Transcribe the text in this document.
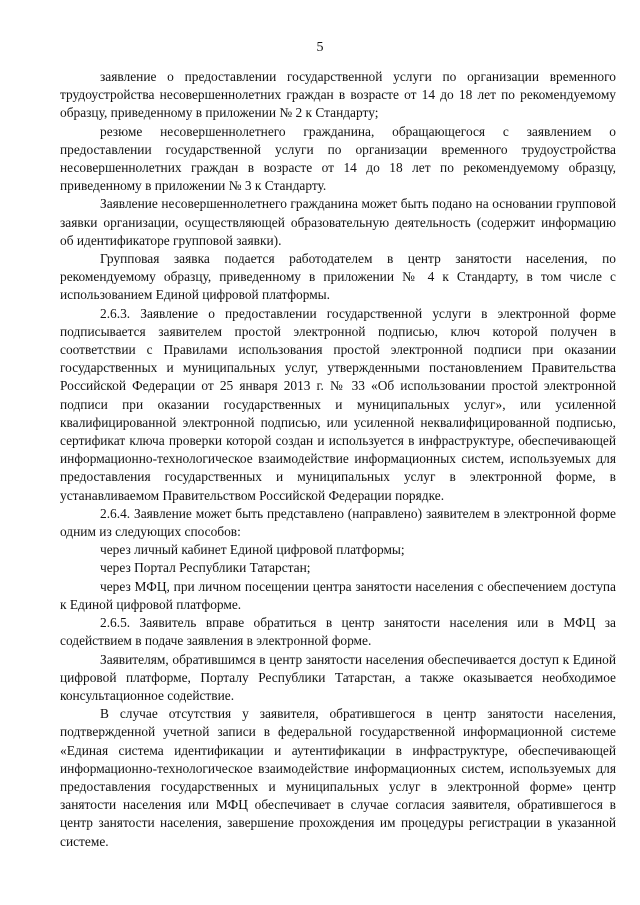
5

заявление о предоставлении государственной услуги по организации временного трудоустройства несовершеннолетних граждан в возрасте от 14 до 18 лет по рекомендуемому образцу, приведенному в приложении № 2 к Стандарту;

резюме несовершеннолетнего гражданина, обращающегося с заявлением о предоставлении государственной услуги по организации временного трудоустройства несовершеннолетних граждан в возрасте от 14 до 18 лет по рекомендуемому образцу, приведенному в приложении № 3 к Стандарту.

Заявление несовершеннолетнего гражданина может быть подано на основании групповой заявки организации, осуществляющей образовательную деятельность (содержит информацию об идентификаторе групповой заявки).

Групповая заявка подается работодателем в центр занятости населения, по рекомендуемому образцу, приведенному в приложении № 4 к Стандарту, в том числе с использованием Единой цифровой платформы.

2.6.3. Заявление о предоставлении государственной услуги в электронной форме подписывается заявителем простой электронной подписью, ключ которой получен в соответствии с Правилами использования простой электронной подписи при оказании государственных и муниципальных услуг, утвержденными постановлением Правительства Российской Федерации от 25 января 2013 г. № 33 «Об использовании простой электронной подписи при оказании государственных и муниципальных услуг», или усиленной квалифицированной электронной подписью, или усиленной неквалифицированной подписью, сертификат ключа проверки которой создан и используется в инфраструктуре, обеспечивающей информационно-технологическое взаимодействие информационных систем, используемых для предоставления государственных и муниципальных услуг в электронной форме, в устанавливаемом Правительством Российской Федерации порядке.

2.6.4. Заявление может быть представлено (направлено) заявителем в электронной форме одним из следующих способов:

через личный кабинет Единой цифровой платформы;

через Портал Республики Татарстан;

через МФЦ, при личном посещении центра занятости населения с обеспечением доступа к Единой цифровой платформе.

2.6.5. Заявитель вправе обратиться в центр занятости населения или в МФЦ за содействием в подаче заявления в электронной форме.

Заявителям, обратившимся в центр занятости населения обеспечивается доступ к Единой цифровой платформе, Порталу Республики Татарстан, а также оказывается необходимое консультационное содействие.

В случае отсутствия у заявителя, обратившегося в центр занятости населения, подтвержденной учетной записи в федеральной государственной информационной системе «Единая система идентификации и аутентификации в инфраструктуре, обеспечивающей информационно-технологическое взаимодействие информационных систем, используемых для предоставления государственных и муниципальных услуг в электронной форме» центр занятости населения или МФЦ обеспечивает в случае согласия заявителя, обратившегося в центр занятости населения, завершение прохождения им процедуры регистрации в указанной системе.
